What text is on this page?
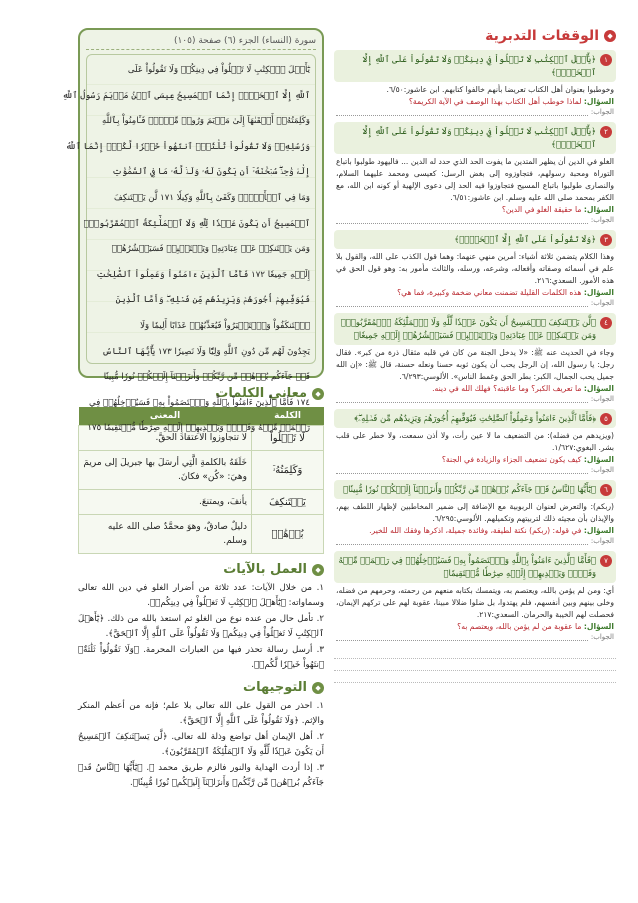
سورة (النساء) الجزء (٦) صفحة (١٠٥)
يَٰٓأَهۡلَ ٱلۡكِتَٰبِ لَا تَغۡلُواْ فِي دِينِكُمۡ وَلَا تَقُولُواْ عَلَى
ٱللَّهِ إِلَّا ٱلۡحَقَّۚ إِنَّمَا ٱلۡمَسِيحُ عِيسَى ٱبۡنُ مَرۡيَمَ رَسُولُ ٱللَّهِ
وَكَلِمَتُهُۥٓ أَلۡقَىٰهَآ إِلَىٰ مَرۡيَمَ وَرُوحٞ مِّنۡهُۖ فَـَٔامِنُواْ بِٱللَّهِ
وَرُسُلِهِۦۖ وَلَا تَقُولُواْ ثَلَٰثَةٌۚ ٱنتَهُواْ خَيۡرٗا لَّكُمۡۚ إِنَّمَا ٱللَّهُ
إِلَٰهٞ وَٰحِدٞۖ سُبۡحَٰنَهُۥٓ أَن يَكُونَ لَهُۥ وَلَدٞۘ لَّهُۥ مَا فِي ٱلسَّمَٰوَٰتِ
وَمَا فِي ٱلۡأَرۡضِۗ وَكَفَىٰ بِٱللَّهِ وَكِيلٗا ١٧١ لَّن يَسۡتَنكِفَ
ٱلۡمَسِيحُ أَن يَكُونَ عَبۡدٗا لِّلَّهِ وَلَا ٱلۡمَلَٰٓئِكَةُ ٱلۡمُقَرَّبُونَۚ
وَمَن يَسۡتَنكِفۡ عَنۡ عِبَادَتِهِۦ وَيَسۡتَكۡبِرۡ فَسَيَحۡشُرُهُمۡ
إِلَيۡهِ جَمِيعٗا ١٧٢ فَأَمَّا ٱلَّذِينَ ءَامَنُواْ وَعَمِلُواْ ٱلصَّٰلِحَٰتِ
فَيُوَفِّيهِمۡ أُجُورَهُمۡ وَيَزِيدُهُم مِّن فَضۡلِهِۦۖ وَأَمَّا ٱلَّذِينَ
ٱسۡتَنكَفُواْ وَٱسۡتَكۡبَرُواْ فَيُعَذِّبُهُمۡ عَذَابًا أَلِيمٗا وَلَا
يَجِدُونَ لَهُم مِّن دُونِ ٱللَّهِ وَلِيّٗا وَلَا نَصِيرٗا ١٧٣ يَٰٓأَيُّهَا ٱلنَّاسُ
قَدۡ جَآءَكُم بُرۡهَٰنٞ مِّن رَّبِّكُمۡ وَأَنزَلۡنَآ إِلَيۡكُمۡ نُورٗا مُّبِينٗا
١٧٤ فَأَمَّا ٱلَّذِينَ ءَامَنُواْ بِٱللَّهِ وَٱعۡتَصَمُواْ بِهِۦ فَسَيُدۡخِلُهُمۡ فِي
رَحۡمَةٖ مِّنۡهُ وَفَضۡلٖ وَيَهۡدِيهِمۡ إِلَيۡهِ صِرَٰطٗا مُّسۡتَقِيمٗا ١٧٥
◆
معاني الكلمات
الكلمة	المعنى
لَا تَغۡلُواْ	لا تتجاوزوا الاعتقادَ الحقَّ.
وَكَلِمَتُهُۥٓ	خَلَقَهُ بالكلمةِ الَّتِي أرسَلَ بها جبريلَ إلى مريمَ وهيَ: «كُن» فكانَ.
يَسۡتَنكِفَ	يأنفَ، ويمتنعَ.
بُرۡهَٰنٞ	دليلٌ صادقٌ، وهوَ محمَّدٌ صلى الله عليه وسلم.
◆
العمل بالآيات

١. من خلال الآيات: عدد ثلاثة من أضرار الغلو في دين الله تعالى وسماواته: ﴿يَٰٓأَهۡلَ ٱلۡكِتَٰبِ لَا تَغۡلُواْ فِي دِينِكُمۡ﴾.

٢. تأمل حال من عنده نوع من الغلو ثم استعذ بالله من ذلك. ﴿يَٰٓأَهۡلَ ٱلۡكِتَٰبِ لَا تَغۡلُواْ فِي دِينِكُمۡ وَلَا تَقُولُواْ عَلَى ٱللَّهِ إِلَّا ٱلۡحَقَّ﴾.

٣. أرسل رسالة تحذر فيها من العبارات المحرمة. ﴿وَلَا تَقُولُواْ ثَلَٰثَةٌۚ ٱنتَهُواْ خَيۡرٗا لَّكُمۡ﴾.

◆
التوجيهات

١. احذر من القول على الله تعالى بلا علم؛ فإنه من أعظم المنكر والإثم. ﴿وَلَا تَقُولُواْ عَلَى ٱللَّهِ إِلَّا ٱلۡحَقَّ﴾.

٢. أهل الإيمان أهل تواضع وذلة لله تعالى. ﴿لَّن يَسۡتَنكِفَ ٱلۡمَسِيحُ أَن يَكُونَ عَبۡدٗا لِّلَّهِ وَلَا ٱلۡمَلَٰٓئِكَةُ ٱلۡمُقَرَّبُونَ﴾.

٣. إذا أردت الهداية والنور فالزم طريق محمد ﷺ. ﴿يَٰٓأَيُّهَا ٱلنَّاسُ قَدۡ جَآءَكُم بُرۡهَٰنٞ مِّن رَّبِّكُمۡ وَأَنزَلۡنَآ إِلَيۡكُمۡ نُورٗا مُّبِينٗا﴾.

◆
الوقفات التدبرية
١
﴿يَٰٓأَهۡلَ ٱلۡكِتَٰبِ لَا تَغۡلُواْ فِي دِينِكُمۡ وَلَا تَقُولُواْ عَلَى ٱللَّهِ إِلَّا ٱلۡحَقَّۚ﴾
وخوطبوا بعنوان أهل الكتاب تعريضا بأنهم خالفوا كتابهم. ابن عاشور:٦/٥٠.
السؤال: لماذا خوطب أهل الكتاب بهذا الوصف في الآية الكريمة؟
الجواب:
٢
﴿يَٰٓأَهۡلَ ٱلۡكِتَٰبِ لَا تَغۡلُواْ فِي دِينِكُمۡ وَلَا تَقُولُواْ عَلَى ٱللَّهِ إِلَّا ٱلۡحَقَّۚ﴾
الغلو في الدين أن يظهر المتدين ما يفوت الحد الذي حدد له الدين ... فاليهود طولبوا باتباع التوراة ومحبة رسولهم، فتجاوزوه إلى بغض الرسل: كعيسى ومحمد عليهما السلام، والنصارى طولبوا باتباع المسيح فتجاوزوا فيه الحد إلى دعوى الإلهية أو كونه ابن الله، مع الكفر بمحمد صلى الله عليه وسلم. ابن عاشور:٦/٥١.
السؤال: ما حقيقة الغلو في الدين؟
الجواب:
٣
﴿وَلَا تَقُولُواْ عَلَى ٱللَّهِ إِلَّا ٱلۡحَقَّۚ﴾
وهذا الكلام يتضمن ثلاثة أشياء: أمرين منهي عنهما: وهما قول الكذب على الله، والقول بلا علم في أسمائه وصفاته وأفعاله، وشرعه، ورسله، والثالث مأمور به: وهو قول الحق في هذه الأمور. السعدي:٢١٦.
السؤال: هذه الكلمات القليلة تضمنت معاني ضخمة وكبيرة، فما هي؟
الجواب:
٤
﴿لَّن يَسۡتَنكِفَ ٱلۡمَسِيحُ أَن يَكُونَ عَبۡدٗا لِّلَّهِ وَلَا ٱلۡمَلَٰٓئِكَةُ ٱلۡمُقَرَّبُونَۚ وَمَن يَسۡتَنكِفۡ عَنۡ عِبَادَتِهِۦ وَيَسۡتَكۡبِرۡ فَسَيَحۡشُرُهُمۡ إِلَيۡهِ جَمِيعٗا﴾
وجاء في الحديث عنه ﷺ: «لا يدخل الجنة من كان في قلبه مثقال ذرة من كبر». فقال رجل: يا رسول الله، إن الرجل يحب أن يكون ثوبه حسنا ونعله حسنة، قال ﷺ: «إن الله جميل يحب الجمال، الكبر: بطر الحق وغمط الناس». الألوسي:٦/٢٩٣.
السؤال: ما تعريف الكبر؟ وما عاقبته؟ فهلك الله في دينه.
الجواب:
٥
﴿فَأَمَّا ٱلَّذِينَ ءَامَنُواْ وَعَمِلُواْ ٱلصَّٰلِحَٰتِ فَيُوَفِّيهِمۡ أُجُورَهُمۡ وَيَزِيدُهُم مِّن فَضۡلِهِۦۖ﴾
(ويزيدهم من فضله): من التضعيف ما لا عين رأت، ولا أذن سمعت، ولا خطر على قلب بشر. البغوي:١/٦٢٧.
السؤال: كيف يكون تضعيف الجزاء والزيادة في الجنة؟
الجواب:
٦
﴿يَٰٓأَيُّهَا ٱلنَّاسُ قَدۡ جَآءَكُم بُرۡهَٰنٞ مِّن رَّبِّكُمۡ وَأَنزَلۡنَآ إِلَيۡكُمۡ نُورٗا مُّبِينٗا﴾
(ربكم): والتعرض لعنوان الربوبية مع الإضافة إلى ضمير المخاطبين لإظهار اللطف بهم، والإيذان بأن مجيئه ذلك لتربيتهم وتكميلهم. الألوسي:٦/٢٩٥.
السؤال: في قوله: (ربكم) نكتة لطيفة، وفائدة جميلة، اذكرها وفقك الله للخير.
الجواب:
٧
﴿فَأَمَّا ٱلَّذِينَ ءَامَنُواْ بِٱللَّهِ وَٱعۡتَصَمُواْ بِهِۦ فَسَيُدۡخِلُهُمۡ فِي رَحۡمَةٖ مِّنۡهُ وَفَضۡلٖ وَيَهۡدِيهِمۡ إِلَيۡهِ صِرَٰطٗا مُّسۡتَقِيمٗا﴾
أي: ومن لم يؤمن بالله، ويعتصم به، ويتمسك بكتابه منعهم من رحمته، وحرمهم من فضله، وخلى بينهم وبين أنفسهم، فلم يهتدوا، بل ضلوا ضلالا مبينا، عقوبة لهم على تركهم الإيمان، فحصلت لهم الخيبة والحرمان. السعدي:٢١٧.
السؤال: ما عقوبة من لم يؤمن بالله، ويعتصم به؟
الجواب:
